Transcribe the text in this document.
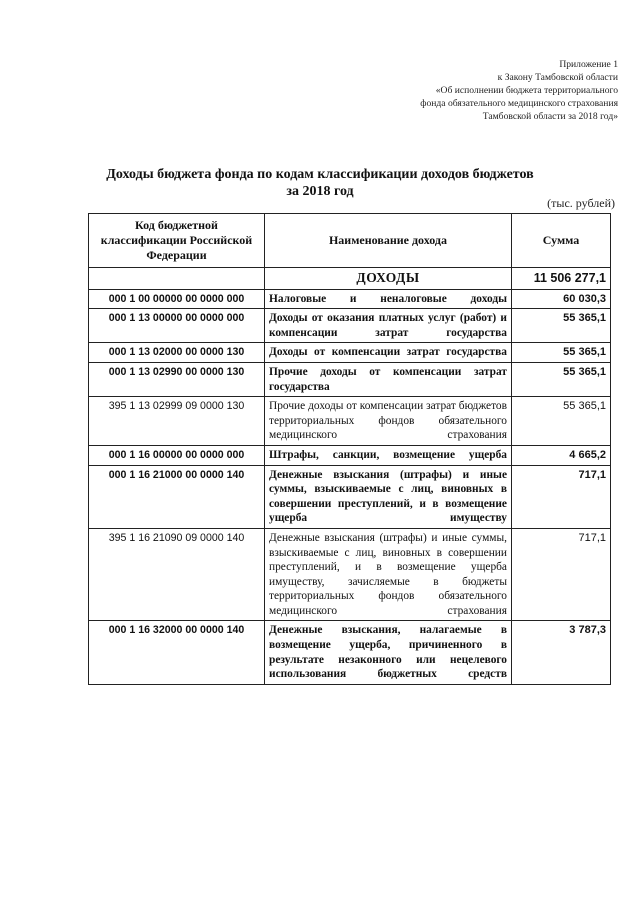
Приложение 1
к Закону Тамбовской области
«Об исполнении бюджета территориального
фонда обязательного медицинского страхования
Тамбовской области за 2018 год»
Доходы бюджета фонда по кодам классификации доходов бюджетов
за 2018 год
(тыс. рублей)
Код бюджетной классификации Российской Федерации	Наименование дохода	Сумма
	ДОХОДЫ	11 506 277,1
000 1 00 00000 00 0000 000	Налоговые и неналоговые доходы	60 030,3
000 1 13 00000 00 0000 000	Доходы от оказания платных услуг (работ) и компенсации затрат государства	55 365,1
000 1 13 02000 00 0000 130	Доходы от компенсации затрат государства	55 365,1
000 1 13 02990 00 0000 130	Прочие доходы от компенсации затрат государства	55 365,1
395 1 13 02999 09 0000 130	Прочие доходы от компенсации затрат бюджетов территориальных фондов обязательного медицинского страхования	55 365,1
000 1 16 00000 00 0000 000	Штрафы, санкции, возмещение ущерба	4 665,2
000 1 16 21000 00 0000 140	Денежные взыскания (штрафы) и иные суммы, взыскиваемые с лиц, виновных в совершении преступлений, и в возмещение ущерба имуществу	717,1
395 1 16 21090 09 0000 140	Денежные взыскания (штрафы) и иные суммы, взыскиваемые с лиц, виновных в совершении преступлений, и в возмещение ущерба имуществу, зачисляемые в бюджеты территориальных фондов обязательного медицинского страхования	717,1
000 1 16 32000 00 0000 140	Денежные взыскания, налагаемые в возмещение ущерба, причиненного в результате незаконного или нецелевого использования бюджетных средств	3 787,3
